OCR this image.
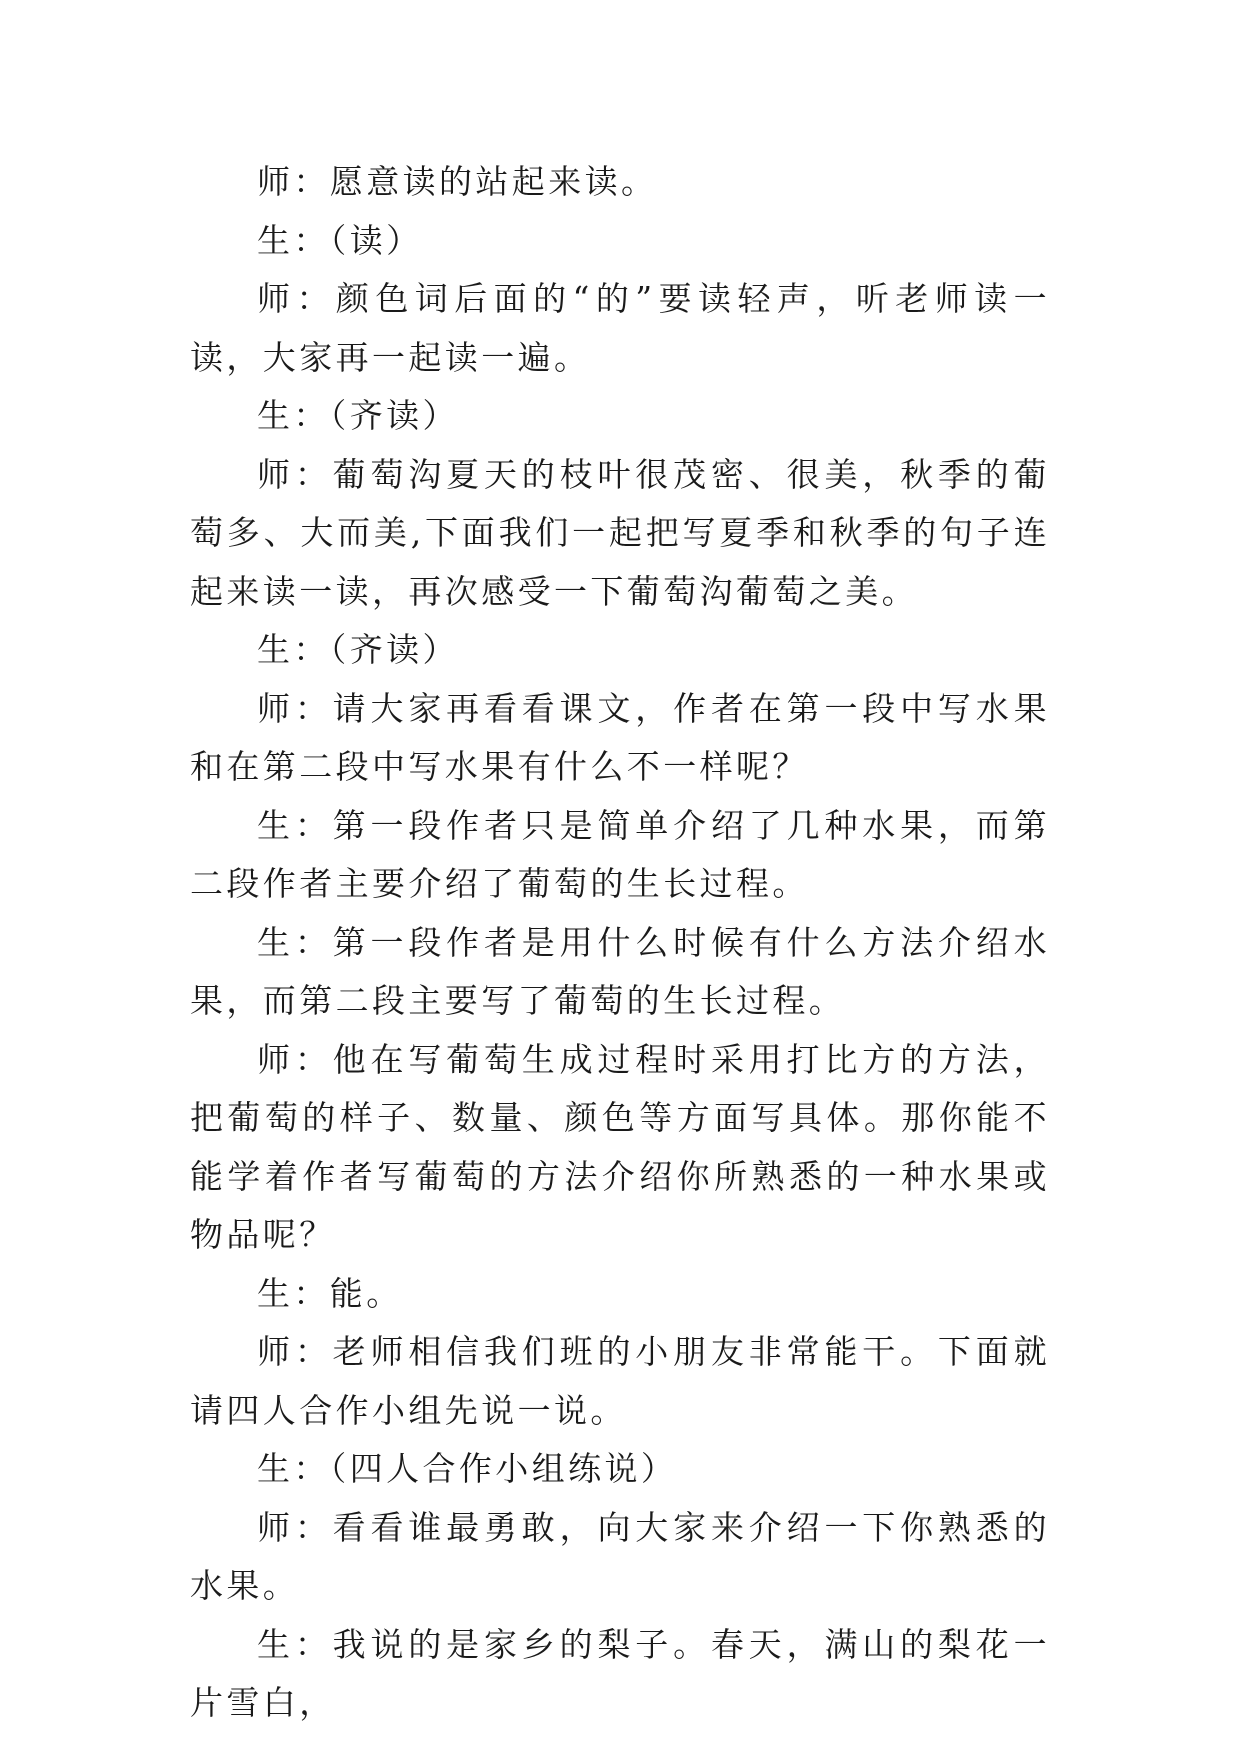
师：愿意读的站起来读。

生：（读）

师：颜色词后面的“的”要读轻声，听老师读一读，大家再一起读一遍。

生：（齐读）

师：葡萄沟夏天的枝叶很茂密、很美，秋季的葡萄多、大而美,下面我们一起把写夏季和秋季的句子连起来读一读，再次感受一下葡萄沟葡萄之美。

生：（齐读）

师：请大家再看看课文，作者在第一段中写水果和在第二段中写水果有什么不一样呢？

生：第一段作者只是简单介绍了几种水果，而第二段作者主要介绍了葡萄的生长过程。

生：第一段作者是用什么时候有什么方法介绍水果，而第二段主要写了葡萄的生长过程。

师：他在写葡萄生成过程时采用打比方的方法，把葡萄的样子、数量、颜色等方面写具体。那你能不能学着作者写葡萄的方法介绍你所熟悉的一种水果或物品呢？

生：能。

师：老师相信我们班的小朋友非常能干。下面就请四人合作小组先说一说。

生：（四人合作小组练说）

师：看看谁最勇敢，向大家来介绍一下你熟悉的水果。

生：我说的是家乡的梨子。春天，满山的梨花一片雪白，
